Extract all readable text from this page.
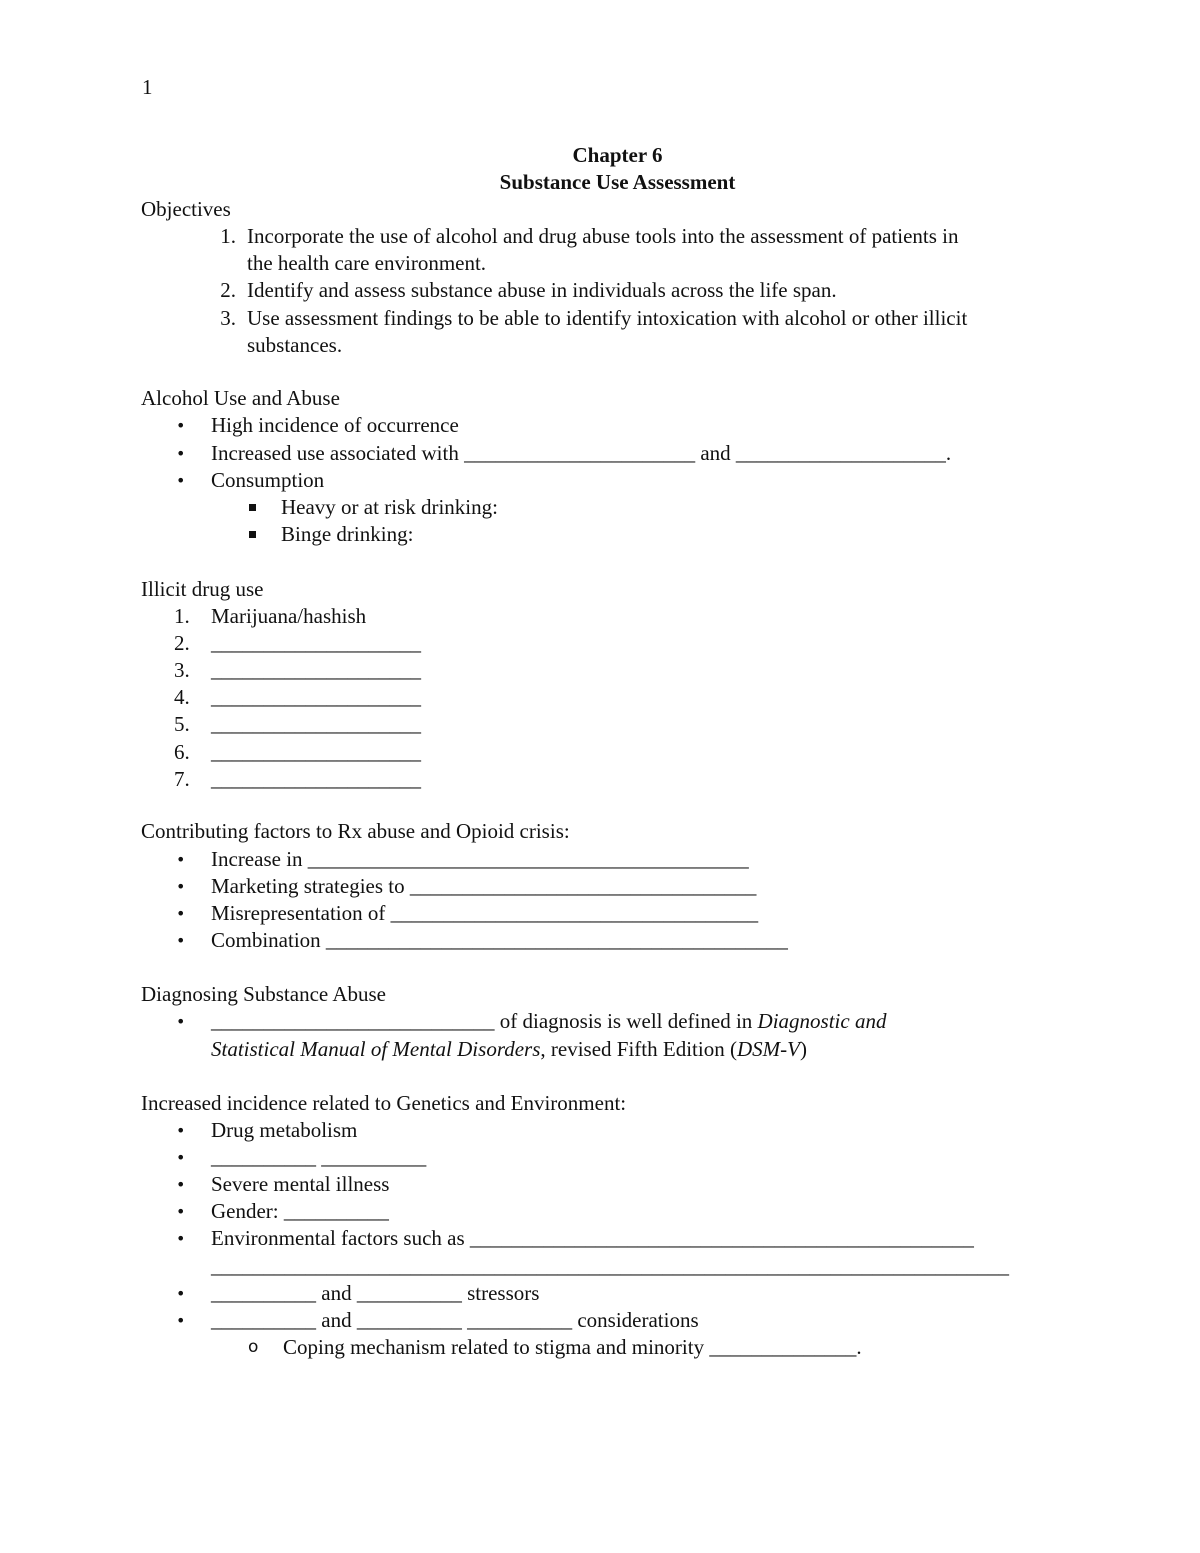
1
Chapter 6
Substance Use Assessment
Objectives
1. Incorporate the use of alcohol and drug abuse tools into the assessment of patients in
the health care environment.
2. Identify and assess substance abuse in individuals across the life span.
3. Use assessment findings to be able to identify intoxication with alcohol or other illicit
substances.
Alcohol Use and Abuse
• High incidence of occurrence
• Increased use associated with ______________________ and ____________________.
• Consumption
Heavy or at risk drinking:
Binge drinking:
Illicit drug use
1. Marijuana/hashish
2. ____________________
3. ____________________
4. ____________________
5. ____________________
6. ____________________
7. ____________________
Contributing factors to Rx abuse and Opioid crisis:
• Increase in __________________________________________
• Marketing strategies to _________________________________
• Misrepresentation of ___________________________________
• Combination ____________________________________________
Diagnosing Substance Abuse
• ___________________________ of diagnosis is well defined in Diagnostic and
Statistical Manual of Mental Disorders, revised Fifth Edition (DSM-V)
Increased incidence related to Genetics and Environment:
• Drug metabolism
• __________ __________
• Severe mental illness
• Gender: __________
• Environmental factors such as ________________________________________________
____________________________________________________________________________
• __________ and __________ stressors
• __________ and __________ __________ considerations
o Coping mechanism related to stigma and minority ______________.
